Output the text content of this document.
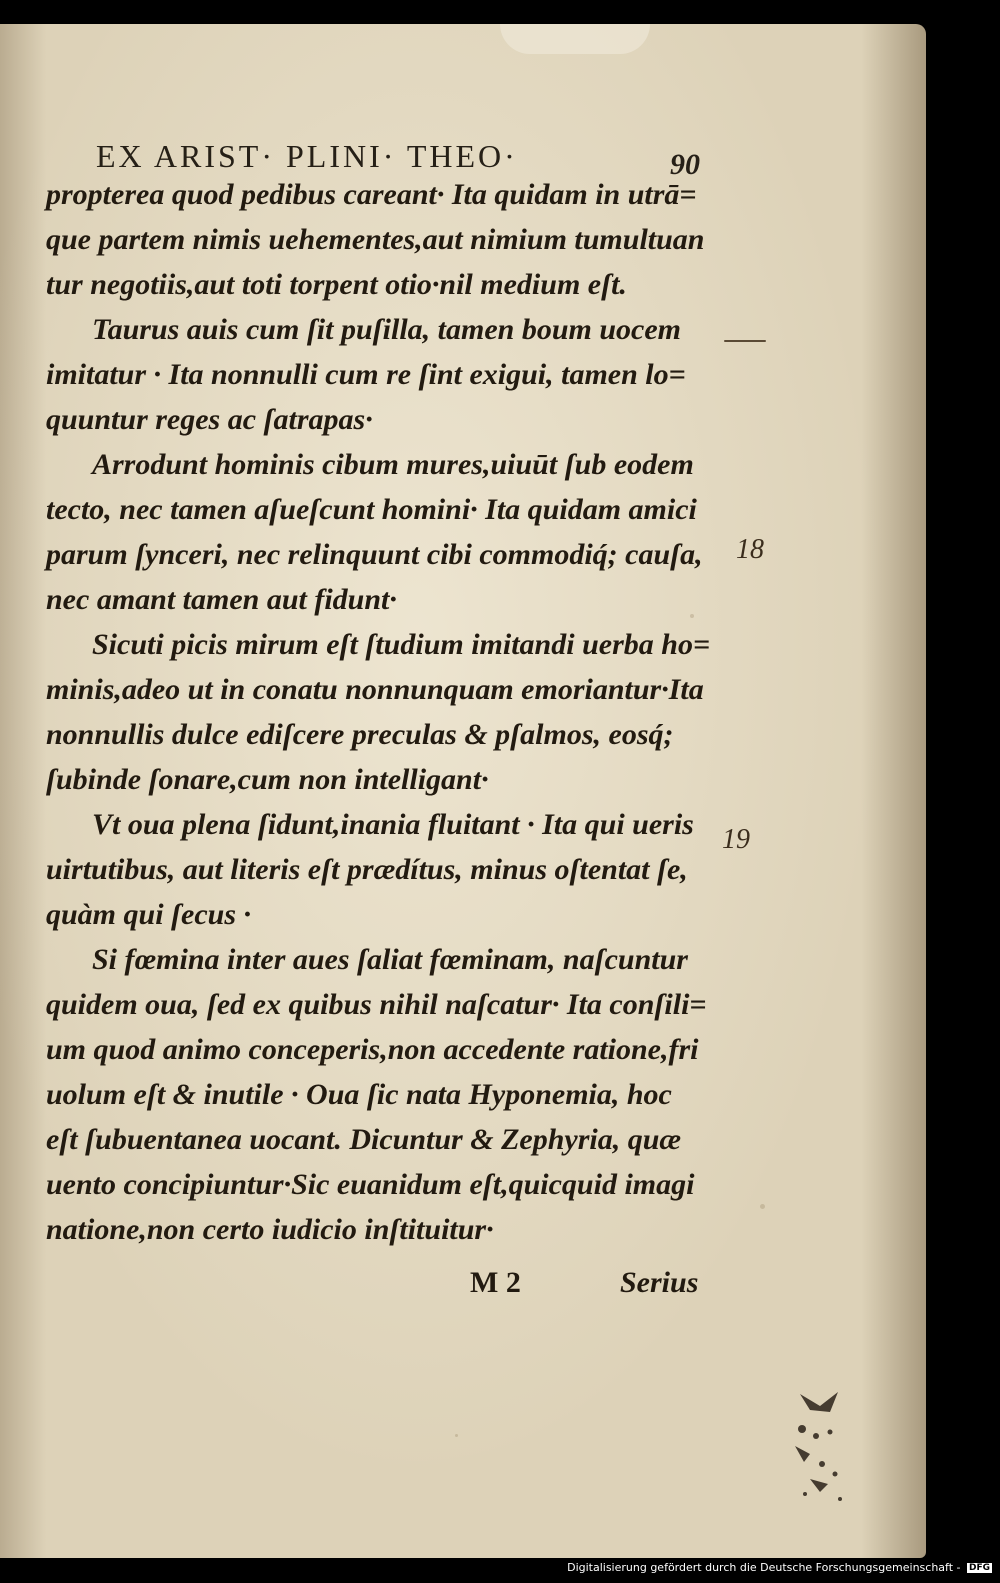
EX ARIST· PLINI· THEO·	90
propterea quod pedibus careant· Ita quidam in utrā=
que partem nimis uehementes,aut nimium tumultuan
tur negotiis,aut toti torpent otio·nil medium eſt.
Taurus auis cum ſit puſilla, tamen boum uocem
imitatur · Ita nonnulli cum re ſint exigui, tamen lo=
quuntur reges ac ſatrapas·
Arrodunt hominis cibum mures,uiuūt ſub eodem
tecto, nec tamen aſueſcunt homini· Ita quidam amici
parum ſynceri, nec relinquunt cibi commodiq́; cauſa,
nec amant tamen aut fidunt·
Sicuti picis mirum eſt ſtudium imitandi uerba ho=
minis,adeo ut in conatu nonnunquam emoriantur·Ita
nonnullis dulce ediſcere preculas & pſalmos, eosq́;
ſubinde ſonare,cum non intelligant·
Vt oua plena ſidunt,inania fluitant · Ita qui ueris
uirtutibus, aut literis eſt prædítus, minus oſtentat ſe,
quàm qui ſecus ·
Si fœmina inter aues ſaliat fœminam, naſcuntur
quidem oua, ſed ex quibus nihil naſcatur· Ita conſili=
um quod animo conceperis,non accedente ratione,fri
uolum eſt & inutile · Oua ſic nata Hyponemia, hoc
eſt ſubuentanea uocant. Dicuntur & Zephyria, quæ
uento concipiuntur·Sic euanidum eſt,quicquid imagi
natione,non certo iudicio inſtituitur·
18
19
M 2	Serius
Digitalisierung gefördert durch die Deutsche Forschungsgemeinschaft - DFG
